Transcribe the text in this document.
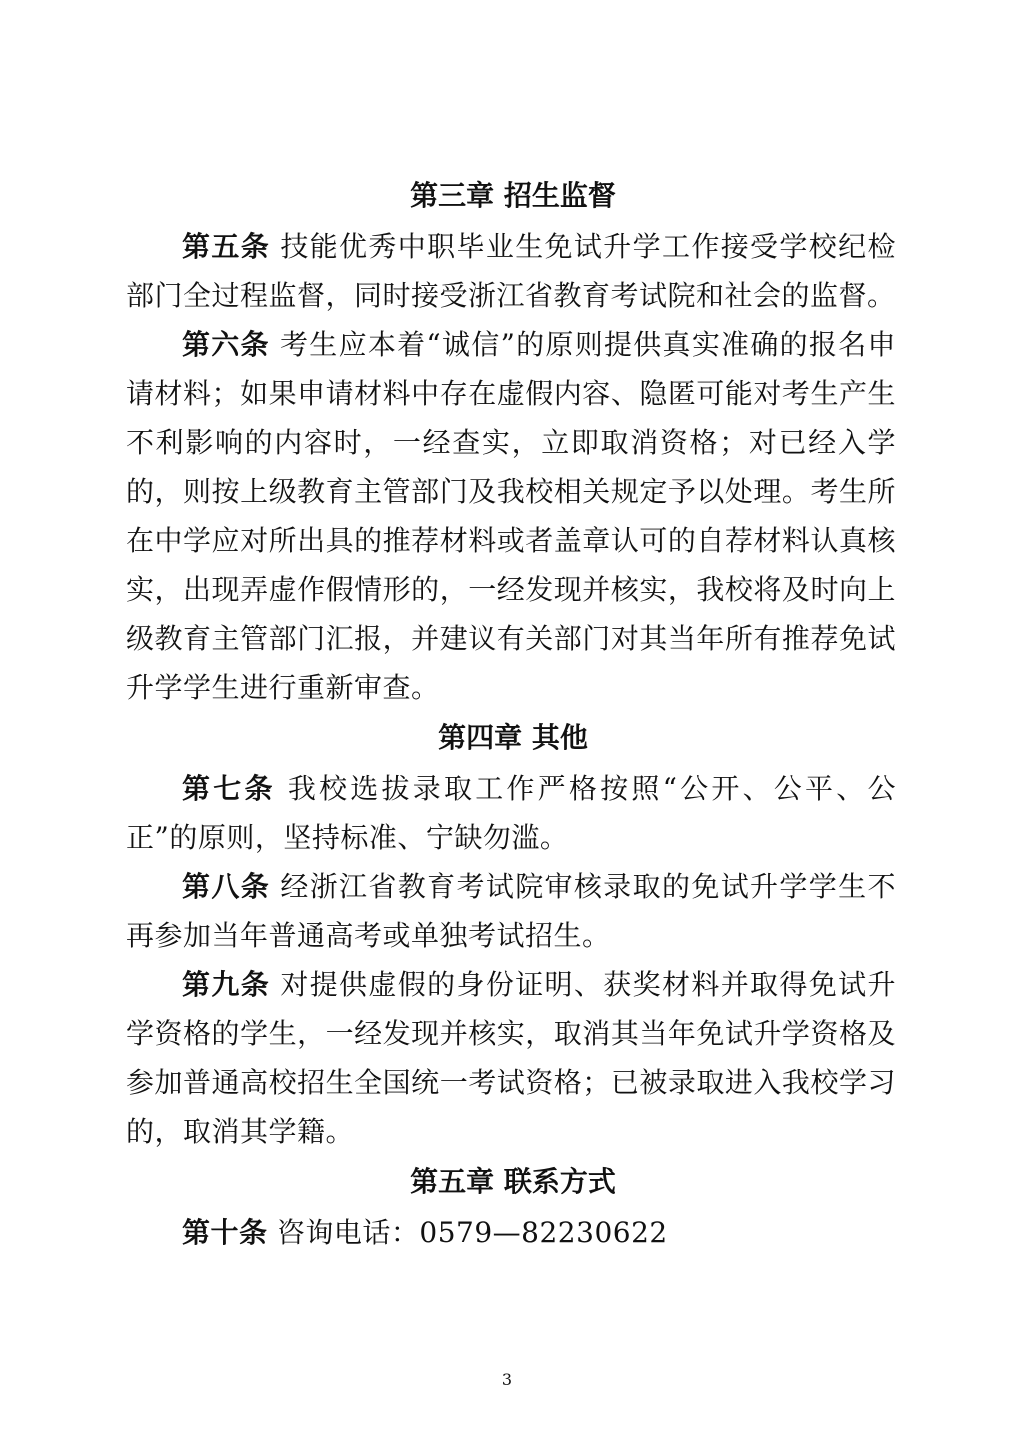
第三章 招生监督

第五条 技能优秀中职毕业生免试升学工作接受学校纪检部门全过程监督，同时接受浙江省教育考试院和社会的监督。

第六条 考生应本着“诚信”的原则提供真实准确的报名申请材料；如果申请材料中存在虚假内容、隐匿可能对考生产生不利影响的内容时，一经查实，立即取消资格；对已经入学的，则按上级教育主管部门及我校相关规定予以处理。考生所在中学应对所出具的推荐材料或者盖章认可的自荐材料认真核实，出现弄虚作假情形的，一经发现并核实，我校将及时向上级教育主管部门汇报，并建议有关部门对其当年所有推荐免试升学学生进行重新审查。

第四章 其他

第七条 我校选拔录取工作严格按照“公开、公平、公正”的原则，坚持标准、宁缺勿滥。

第八条 经浙江省教育考试院审核录取的免试升学学生不再参加当年普通高考或单独考试招生。

第九条 对提供虚假的身份证明、获奖材料并取得免试升学资格的学生，一经发现并核实，取消其当年免试升学资格及参加普通高校招生全国统一考试资格；已被录取进入我校学习的，取消其学籍。

第五章 联系方式

第十条 咨询电话：0579—82230622

3
